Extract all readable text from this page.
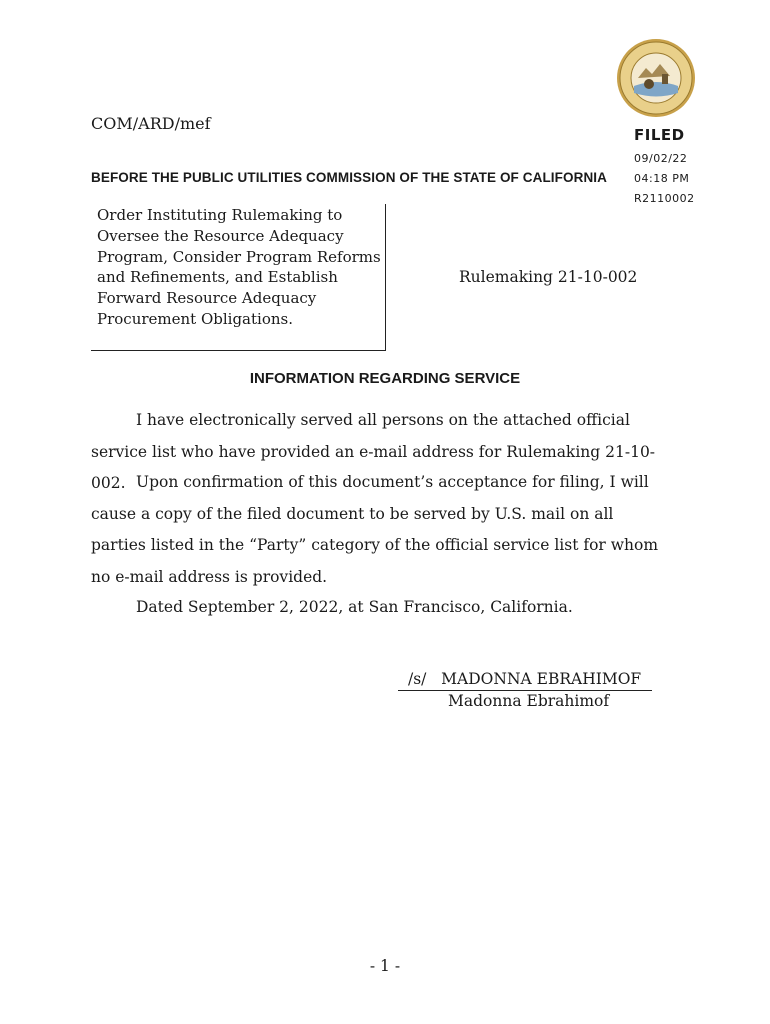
FILED
09/02/22
04:18 PM
R2110002
COM/ARD/mef
BEFORE THE PUBLIC UTILITIES COMMISSION OF THE STATE OF CALIFORNIA
Order Instituting Rulemaking to
Oversee the Resource Adequacy
Program, Consider Program Reforms
and Refinements, and Establish
Forward Resource Adequacy
Procurement Obligations.
Rulemaking 21-10-002
INFORMATION REGARDING SERVICE
I have electronically served all persons on the attached official service list who have provided an e-mail address for Rulemaking 21-10-002. Upon confirmation of this document’s acceptance for filing, I will cause a copy of the filed document to be served by U.S. mail on all parties listed in the “Party” category of the official service list for whom no e-mail address is provided.
Dated September 2, 2022, at San Francisco, California.
/s/   MADONNA EBRAHIMOF
Madonna Ebrahimof
- 1 -
